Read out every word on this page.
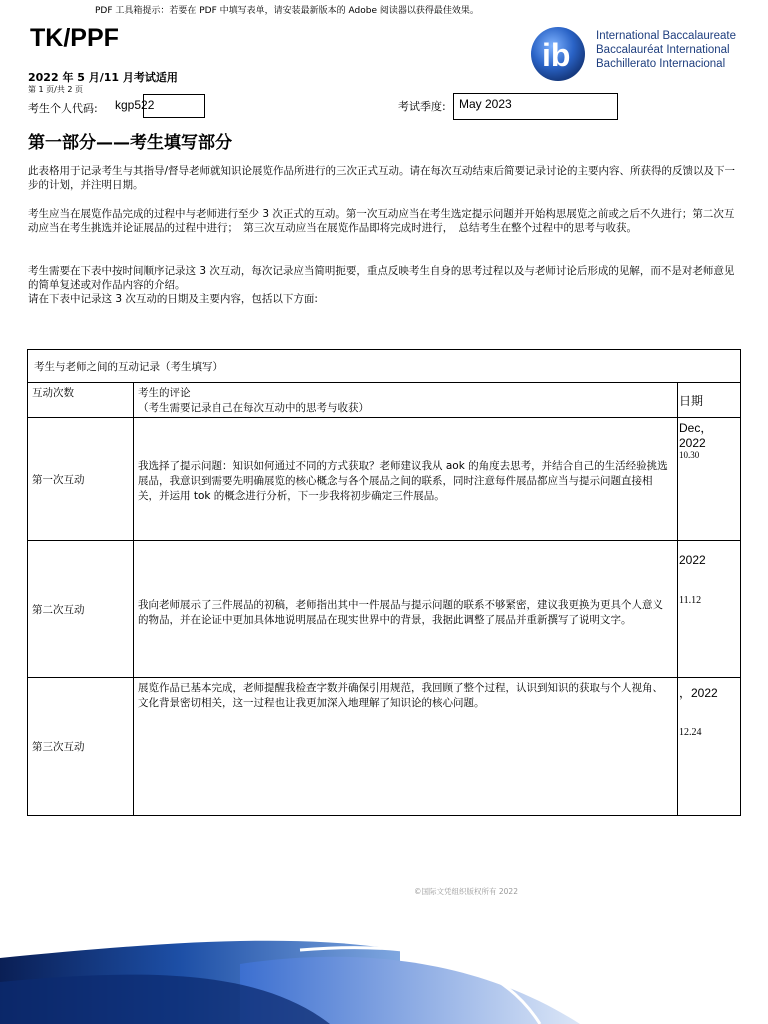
PDF 工具箱提示：若要在 PDF 中填写表单，请安装最新版本的 Adobe 阅读器以获得最佳效果。
TK/PPF	ib
International Baccalaureate
Baccalauréat International
Bachillerato Internacional
2022 年 5 月/11 月考试适用
第 1 页/共 2 页
考生个人代码: kgp522	考试季度:	May 2023
第一部分——考生填写部分
此表格用于记录考生与其指导/督导老师就知识论展览作品所进行的三次正式互动。请在每次互动结束后简要记录讨论的主要内容、所获得的反馈以及下一步的计划，并注明日期。
考生应当在展览作品完成的过程中与老师进行至少 3 次正式的互动。第一次互动应当在考生选定提示问题并开始构思展览之前或之后不久进行；第二次互动应当在考生挑选并论证展品的过程中进行；　第三次互动应当在展览作品即将完成时进行，　总结考生在整个过程中的思考与收获。
考生需要在下表中按时间顺序记录这 3 次互动，每次记录应当简明扼要，重点反映考生自身的思考过程以及与老师讨论后形成的见解，而不是对老师意见的简单复述或对作品内容的介绍。
请在下表中记录这 3 次互动的日期及主要内容，包括以下方面:
考生与老师之间的互动记录（考生填写）		
互动次数	考生的评论
（考生需要记录自己在每次互动中的思考与收获）	日期
第一次互动	我选择了提示问题：知识如何通过不同的方式获取？老师建议我从 aok 的角度去思考，并结合自己的生活经验挑选展品，我意识到需要先明确展览的核心概念与各个展品之间的联系，同时注意每件展品都应当与提示问题直接相关，并运用 tok 的概念进行分析，下一步我将初步确定三件展品。	Dec，2022
10.30

第二次互动	我向老师展示了三件展品的初稿，老师指出其中一件展品与提示问题的联系不够紧密，建议我更换为更具个人意义的物品，并在论证中更加具体地说明展品在现实世界中的背景，我据此调整了展品并重新撰写了说明文字。	2022
11.12

第三次互动	展览作品已基本完成，老师提醒我检查字数并确保引用规范，我回顾了整个过程，认识到知识的获取与个人视角、文化背景密切相关，这一过程也让我更加深入地理解了知识论的核心问题。	，2022
12.24
©国际文凭组织版权所有 2022
